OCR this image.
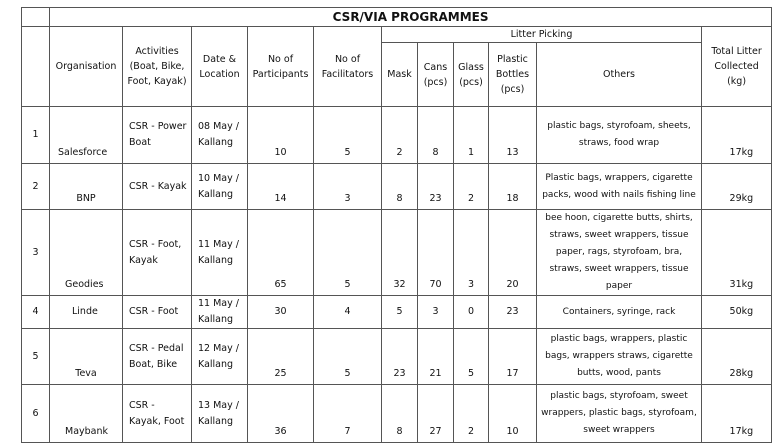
	CSR/VIA PROGRAMMES										
	Organisation	Activities (Boat, Bike, Foot, Kayak)	Date & Location	No of Participants	No of Facilitators	Litter Picking					Total Litter Collected (kg)
						Mask	Cans (pcs)	Glass (pcs)	Plastic Bottles (pcs)	Others	
1	Salesforce	CSR - Power Boat	08 May / Kallang	10	5	2	8	1	13	plastic bags, styrofoam, sheets, straws, food wrap	17kg
2	BNP	CSR - Kayak	10 May / Kallang	14	3	8	23	2	18	Plastic bags, wrappers, cigarette packs, wood with nails fishing line	29kg
3	Geodies	CSR - Foot, Kayak	11 May / Kallang	65	5	32	70	3	20	bee hoon, cigarette butts, shirts, straws, sweet wrappers, tissue paper, rags, styrofoam, bra, straws, sweet wrappers, tissue paper	31kg
4	Linde	CSR - Foot	11 May / Kallang	30	4	5	3	0	23	Containers, syringe, rack	50kg
5	Teva	CSR - Pedal Boat, Bike	12 May / Kallang	25	5	23	21	5	17	plastic bags, wrappers, plastic bags, wrappers straws, cigarette butts, wood, pants	28kg
6	Maybank	CSR - Kayak, Foot	13 May / Kallang	36	7	8	27	2	10	plastic bags, styrofoam, sweet wrappers, plastic bags, styrofoam, sweet wrappers	17kg
